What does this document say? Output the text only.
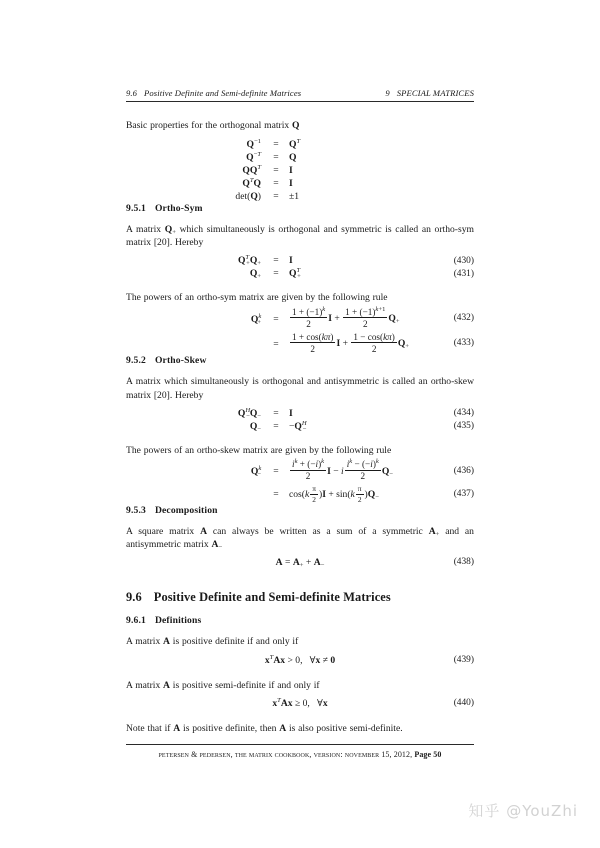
9.6 Positive Definite and Semi-definite Matrices	9 SPECIAL MATRICES

Basic properties for the orthogonal matrix Q

$Q^{-1}$	=	$Q^T$
$Q^{-T}$	=	Q
$QQ^T$	=	I
$Q^TQ$	=	I
det(Q)	=	±1
9.5.1 Ortho-Sym

A matrix $Q_+$ which simultaneously is orthogonal and symmetric is called an ortho-sym matrix [20]. Hereby

$Q^T_+Q_+$	=	I	(430)
$Q_+$	=	$Q^T_+$	(431)

The powers of an ortho-sym matrix are given by the following rule

$Q^k_+$	=	$\frac{1 + (-1)^k}{2}$ $I + \frac{1 + (-1)^{k+1}}{2} Q_+$	(432)
=	$\frac{1 + \cos(k\pi)}{2}$ $I + \frac{1 - \cos(k\pi)}{2} Q_+$	(433)
9.5.2 Ortho-Skew

A matrix which simultaneously is orthogonal and antisymmetric is called an ortho-skew matrix [20]. Hereby

$Q^H_-Q_-$	=	I	(434)
$Q_-$	=	$-Q^H_-$	(435)

The powers of an ortho-skew matrix are given by the following rule

$Q^k_-$	=	$\frac{i^k + (-i)^k}{2}$ I − i $\frac{i^k - (-i)^k}{2} Q_-$	(436)
=	$\cos(k \frac{\pi}{2} )I + \sin(k \frac{\pi}{2} )Q_-$	(437)
9.5.3 Decomposition

A square matrix A can always be written as a sum of a symmetric $A_+$ and an antisymmetric matrix $A_-$

$A = A_+ + A_-$	(438)
9.6 Positive Definite and Semi-definite Matrices
9.6.1 Definitions

A matrix A is positive definite if and only if

$x^TAx > 0$,   ∀x ≠ 0	(439)

A matrix A is positive semi-definite if and only if

$x^TAx \ge 0$,   ∀x	(440)

Note that if A is positive definite, then A is also positive semi-definite.

petersen & pedersen, the matrix cookbook, version: november 15, 2012, Page 50
知乎 @YouZhi
